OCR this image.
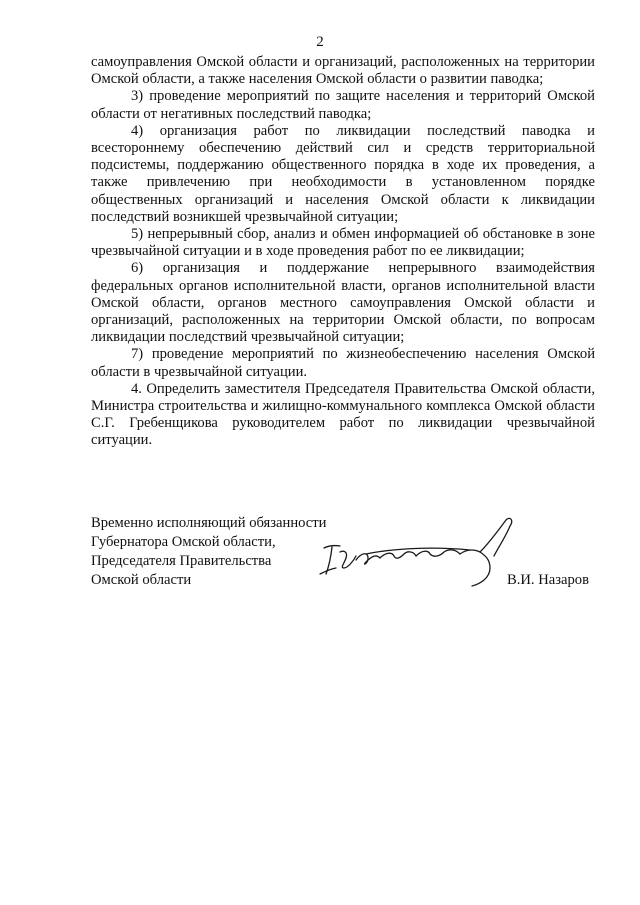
2

самоуправления Омской области и организаций, расположенных на территории Омской области, а также населения Омской области о развитии паводка;

3) проведение мероприятий по защите населения и территорий Омской области от негативных последствий паводка;

4) организация работ по ликвидации последствий паводка и всестороннему обеспечению действий сил и средств территориальной подсистемы, поддержанию общественного порядка в ходе их проведения, а также привлечению при необходимости в установленном порядке общественных организаций и населения Омской области к ликвидации последствий возникшей чрезвычайной ситуации;

5) непрерывный сбор, анализ и обмен информацией об обстановке в зоне чрезвычайной ситуации и в ходе проведения работ по ее ликвидации;

6) организация и поддержание непрерывного взаимодействия федеральных органов исполнительной власти, органов исполнительной власти Омской области, органов местного самоуправления Омской области и организаций, расположенных на территории Омской области, по вопросам ликвидации последствий чрезвычайной ситуации;

7) проведение мероприятий по жизнеобеспечению населения Омской области в чрезвычайной ситуации.

4. Определить заместителя Председателя Правительства Омской области, Министра строительства и жилищно-коммунального комплекса Омской области С.Г. Гребенщикова руководителем работ по ликвидации чрезвычайной ситуации.

Временно исполняющий обязанности
Губернатора Омской области,
Председателя Правительства
Омской области	В.И. Назаров
